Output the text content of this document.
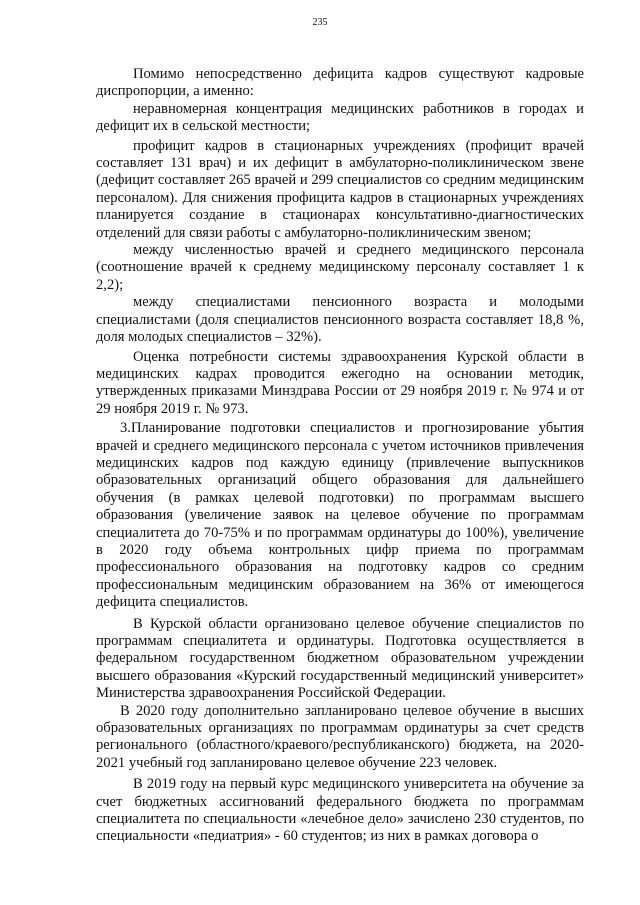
235

Помимо непосредственно дефицита кадров существуют кадровые диспропорции, а именно:

неравномерная концентрация медицинских работников в городах и дефицит их в сельской местности;

профицит кадров в стационарных учреждениях (профицит врачей составляет 131 врач) и их дефицит в амбулаторно-поликлиническом звене (дефицит составляет 265 врачей и 299 специалистов со средним медицинским персоналом). Для снижения профицита кадров в стационарных учреждениях планируется создание в стационарах консультативно-диагностических отделений для связи работы с амбулаторно-поликлиническим звеном;

между численностью врачей и среднего медицинского персонала (соотношение врачей к среднему медицинскому персоналу составляет 1 к 2,2);

между специалистами пенсионного возраста и молодыми специалистами (доля специалистов пенсионного возраста составляет 18,8 %, доля молодых специалистов – 32%).

Оценка потребности системы здравоохранения Курской области в медицинских кадрах проводится ежегодно на основании методик, утвержденных приказами Минздрава России от 29 ноября 2019 г. № 974 и от 29 ноября 2019 г. № 973.

3.Планирование подготовки специалистов и прогнозирование убытия врачей и среднего медицинского персонала с учетом источников привлечения медицинских кадров под каждую единицу (привлечение выпускников образовательных организаций общего образования для дальнейшего обучения (в рамках целевой подготовки) по программам высшего образования (увеличение заявок на целевое обучение по программам специалитета до 70-75% и по программам ординатуры до 100%), увеличение в 2020 году объема контрольных цифр приема по программам профессионального образования на подготовку кадров со средним профессиональным медицинским образованием на 36% от имеющегося дефицита специалистов.

В Курской области организовано целевое обучение специалистов по программам специалитета и ординатуры. Подготовка осуществляется в федеральном государственном бюджетном образовательном учреждении высшего образования «Курский государственный медицинский университет» Министерства здравоохранения Российской Федерации.

В 2020 году дополнительно запланировано целевое обучение в высших образовательных организациях по программам ординатуры за счет средств регионального (областного/краевого/республиканского) бюджета, на 2020-2021 учебный год запланировано целевое обучение 223 человек.

В 2019 году на первый курс медицинского университета на обучение за счет бюджетных ассигнований федерального бюджета по программам специалитета по специальности «лечебное дело» зачислено 230 студентов, по специальности «педиатрия» - 60 студентов; из них в рамках договора о
